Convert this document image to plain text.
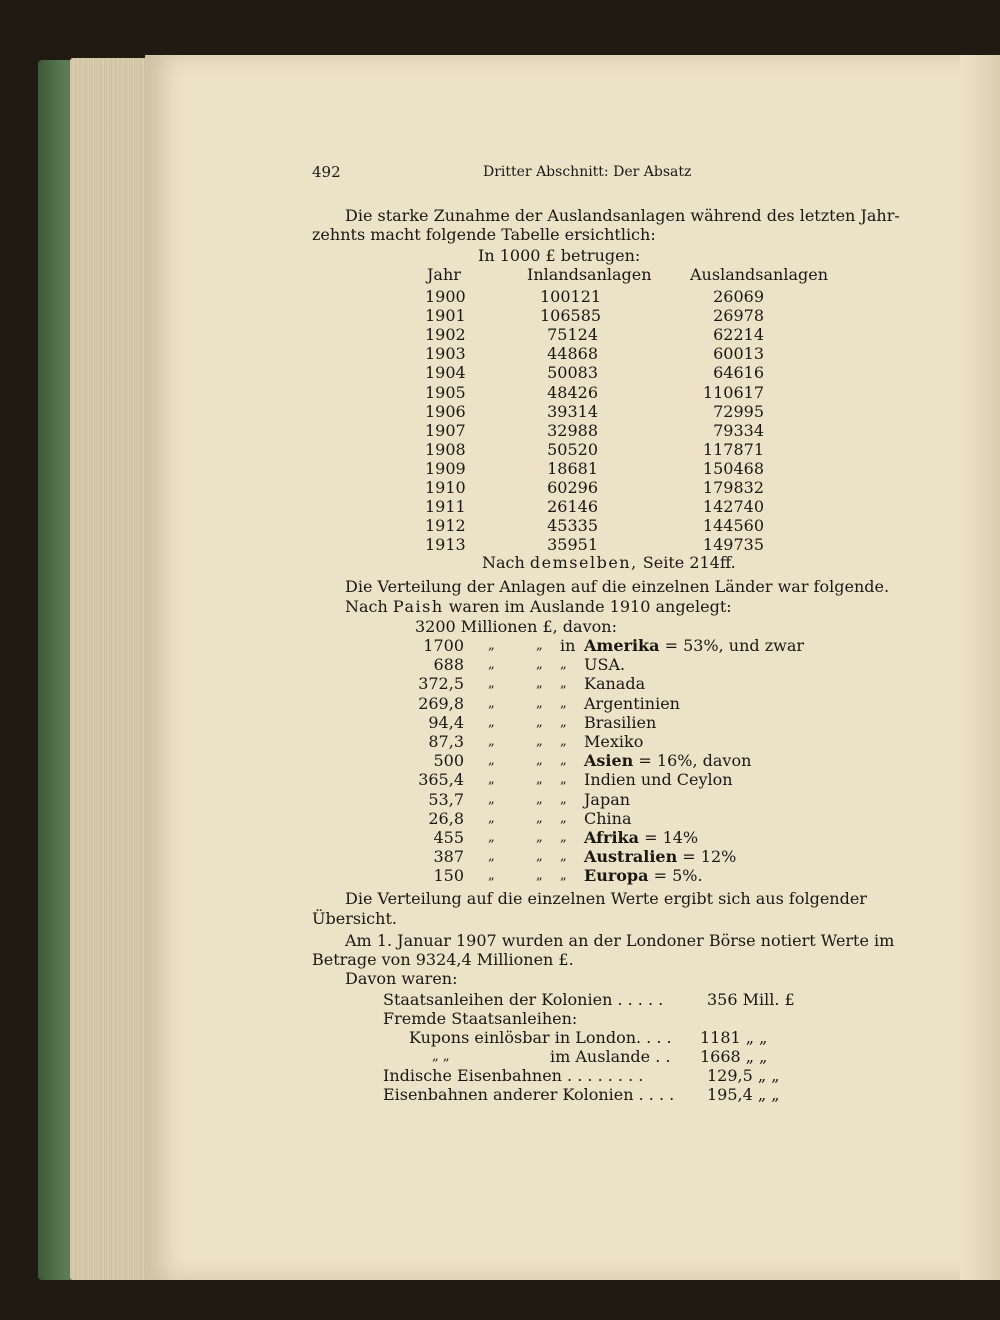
492	Dritter Abschnitt: Der Absatz
Die starke Zunahme der Auslandsanlagen während des letzten Jahr-
zehnts macht folgende Tabelle ersichtlich:
In 1000 £ betrugen:
Jahr	Inlandsanlagen Auslandsanlagen
1900	100121	26069
1901	106585	26978
1902	75124	62214
1903	44868	60013
1904	50083	64616
1905	48426	110617
1906	39314	72995
1907	32988	79334
1908	50520	117871
1909	18681	150468
1910	60296	179832
1911	26146	142740
1912	45335	144560
1913	35951	149735
Nach demselben, Seite 214ff.
Die Verteilung der Anlagen auf die einzelnen Länder war folgende.
Nach Paish waren im Auslande 1910 angelegt:
3200 Millionen £, davon:
1700 „	„ in Amerika = 53%, und zwar
688 „	„ „ USA.
372,5 „	„ „ Kanada
269,8 „	„ „ Argentinien
94,4 „	„ „ Brasilien
87,3 „	„ „ Mexiko
500 „	„ „ Asien = 16%, davon
365,4 „	„ „ Indien und Ceylon
53,7 „	„ „ Japan
26,8 „	„ „ China
455 „	„ „ Afrika = 14%
387 „	„ „ Australien = 12%
150 „	„ „ Europa = 5%.
Die Verteilung auf die einzelnen Werte ergibt sich aus folgender
Übersicht.
Am 1. Januar 1907 wurden an der Londoner Börse notiert Werte im
Betrage von 9324,4 Millionen £.
Davon waren:
Staatsanleihen der Kolonien . . . . .	356 Mill. £
Fremde Staatsanleihen:
Kupons einlösbar in London. . . . 1181 „ „
„ „	im Auslande . . 1668 „ „
Indische Eisenbahnen . . . . . . . .	129,5 „ „
Eisenbahnen anderer Kolonien . . . . 195,4 „ „
